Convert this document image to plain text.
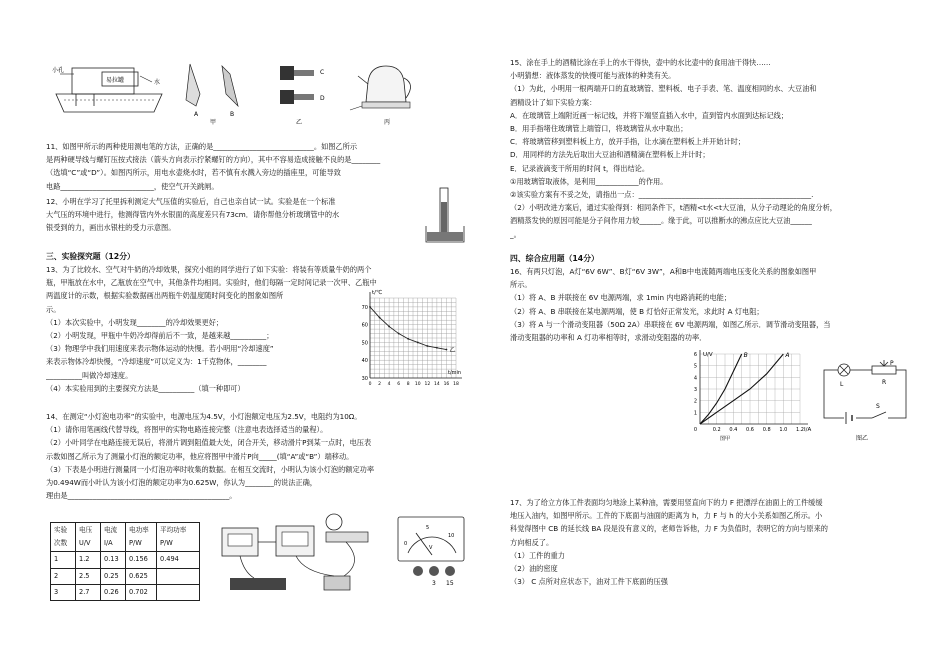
小孔
易拉罐	水
A	B
甲
C
D
乙	丙

11、如图甲所示的两种使用测电笔的方法，正确的是____________________________。如图乙所示

是两种硬导线与螺钉压按式接法（箭头方向表示拧紧螺钉的方向），其中不容易造成接触不良的是________

（选填“C”或“D”）。如图丙所示，用电水壶烧水时，若不慎有水溅入旁边的插座里，可能导致

电路__________________________，使空气开关跳闸。

12、小明在学习了托里拆利测定大气压值的实验后，自己也亲自试一试。实验是在一个标准

大气压的环境中进行，他测得管内外水银面的高度差只有73cm．请你帮他分析玻璃管中的水

银受到的力，画出水银柱的受力示意图。

三、实验探究题（12分）

13、为了比较水、空气对牛奶的冷却效果，探究小组的同学进行了如下实验：将装有等质量牛奶的两个

瓶，甲瓶放在水中，乙瓶放在空气中，其他条件均相同。实验时，他们每隔一定时间记录一次甲、乙瓶中

两温度计的示数，根据实验数据画出两瓶牛奶温度随时间变化的图象如图所

示。

（1）本次实验中，小明发现________的冷却效果更好；

（2）小明发现，甲瓶中牛奶冷却得前后不一致，是越来越__________；

（3）物理学中我们用速度来表示物体运动的快慢。若小明用“冷却速度”

来表示物体冷却快慢，“冷却速度”可以定义为：1千克物体，________

__________叫做冷却速度。

（4）本实验用到的主要探究方法是__________（填一种即可）

70
60
50
40
30
0 2 4 6 8 10 12 14 16 18
t/℃
t/min
乙

14、在测定“小灯泡电功率”的实验中，电源电压为4.5V，小灯泡额定电压为2.5V，电阻约为10Ω。

（1）请你用笔画线代替导线，将图甲的实物电路连接完整（注意电表选择适当的量程）。

（2）小叶同学在电路连接无误后，将滑片调到阻值最大处，闭合开关，移动滑片P到某一点时，电压表

示数如图乙所示为了测量小灯泡的额定功率，他应将图甲中滑片P向_____(填“A”或“B”）端移动。

（3）下表是小明进行测量同一小灯泡功率时收集的数据。在相互交流时，小明认为该小灯泡的额定功率

为0.494W而小叶认为该小灯泡的额定功率为0.625W，你认为________的说法正确，

理由是_____________________________________________。

实验次数	电压U/V	电流I/A	电功率P/W	平均功率P/W
1	1.2	0.13	0.156	0.494
2	2.5	0.25	0.625	
3	2.7	0.26	0.702	
0
5
10
V
3 15

15、涂在手上的酒精比涂在手上的水干得快，壶中的水比壶中的食用油干得快……

小明猜想：液体蒸发的快慢可能与液体的种类有关。

（1）为此，小明用一根两端开口的直玻璃管、塑料板、电子手表、笔、温度相同的水、大豆油和

酒精设计了如下实验方案：

A．在玻璃管上端附近画一标记线，并将下端竖直插入水中，直到管内水面到达标记线；

B．用手指堵住玻璃管上端管口，将玻璃管从水中取出；

C．将玻璃管移到塑料板上方，放开手指，让水滴在塑料板上并开始计时；

D．用同样的方法先后取出大豆油和酒精滴在塑料板上并计时；

E．记录液滴变干所用的时间 t，得出结论。

①用玻璃管取液体，是利用____________的作用。

②该实验方案有不妥之处，请指出一点：________________________________________________.

（2）小明改进方案后，通过实验得到：相同条件下，t酒精<t水<t大豆油，从分子动理论的角度分析，

酒精蒸发快的原因可能是分子间作用力较______。缘于此，可以推断水的沸点应比大豆油______

_。

四、综合应用题（14分）

16、有两只灯泡，A灯“6V 6W”、B灯“6V 3W”，A和B中电流随两端电压变化关系的图象如图甲

所示。

（1）将 A、B 并联接在 6V 电源两端，求 1min 内电路消耗的电能；

（2）将 A、B 串联接在某电源两端，使 B 灯恰好正常发光，求此时 A 灯电阻；

（3）将 A 与一个滑动变阻器（50Ω 2A）串联接在 6V 电源两端，如图乙所示．调节滑动变阻器，当

滑动变阻器的功率和 A 灯功率相等时，求滑动变阻器的功率．

6
5
4
3
2
1
0.2 0.4 0.6 0.8 1.0 1.2
0
U/V
I/A
B	A
图甲
L
P
R
S
图乙

17、为了给立方体工件表面均匀地涂上某种油，需要用竖直向下的力 F 把漂浮在油面上的工件缓缓

地压入油内，如图甲所示。工件的下底面与油面的距离为 h，力 F 与 h 的大小关系如图乙所示。小

科觉得图中 CB 的延长线 BA 段是没有意义的，老师告诉他，力 F 为负值时，表明它的方向与原来的

方向相反了。

（1）工件的重力

（2）油的密度

（3） C 点所对应状态下，油对工件下底面的压强
